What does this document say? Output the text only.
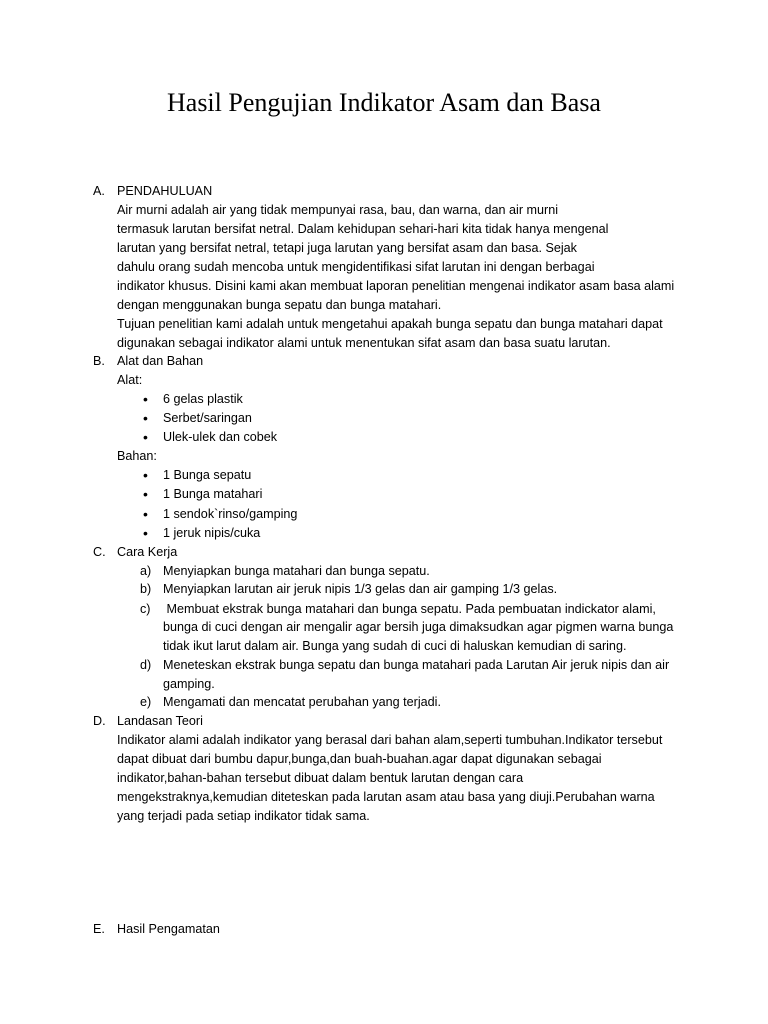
Hasil Pengujian Indikator Asam dan Basa
A. PENDAHULUAN
Air murni adalah air yang tidak mempunyai rasa, bau, dan warna, dan air murni
termasuk larutan bersifat netral. Dalam kehidupan sehari-hari kita tidak hanya mengenal
larutan yang bersifat netral, tetapi juga larutan yang bersifat asam dan basa. Sejak
dahulu orang sudah mencoba untuk mengidentifikasi sifat larutan ini dengan berbagai
indikator khusus. Disini kami akan membuat laporan penelitian mengenai indikator asam basa alami
dengan menggunakan bunga sepatu dan bunga matahari.
Tujuan penelitian kami adalah untuk mengetahui apakah bunga sepatu dan bunga matahari dapat
digunakan sebagai indikator alami untuk menentukan sifat asam dan basa suatu larutan.
B. Alat dan Bahan
Alat:
• 6 gelas plastik
• Serbet/saringan
• Ulek-ulek dan cobek
Bahan:
• 1 Bunga sepatu
• 1 Bunga matahari
• 1 sendok`rinso/gamping
• 1 jeruk nipis/cuka
C. Cara Kerja
a) Menyiapkan bunga matahari dan bunga sepatu.
b) Menyiapkan larutan air jeruk nipis 1/3 gelas dan air gamping 1/3 gelas.
c) Membuat ekstrak bunga matahari dan bunga sepatu. Pada pembuatan indickator alami,
bunga di cuci dengan air mengalir agar bersih juga dimaksudkan agar pigmen warna bunga
tidak ikut larut dalam air. Bunga yang sudah di cuci di haluskan kemudian di saring.
d) Meneteskan ekstrak bunga sepatu dan bunga matahari pada Larutan Air jeruk nipis dan air
gamping.
e) Mengamati dan mencatat perubahan yang terjadi.
D. Landasan Teori
Indikator alami adalah indikator yang berasal dari bahan alam,seperti tumbuhan.Indikator tersebut
dapat dibuat dari bumbu dapur,bunga,dan buah-buahan.agar dapat digunakan sebagai
indikator,bahan-bahan tersebut dibuat dalam bentuk larutan dengan cara
mengekstraknya,kemudian diteteskan pada larutan asam atau basa yang diuji.Perubahan warna
yang terjadi pada setiap indikator tidak sama.
E. Hasil Pengamatan
